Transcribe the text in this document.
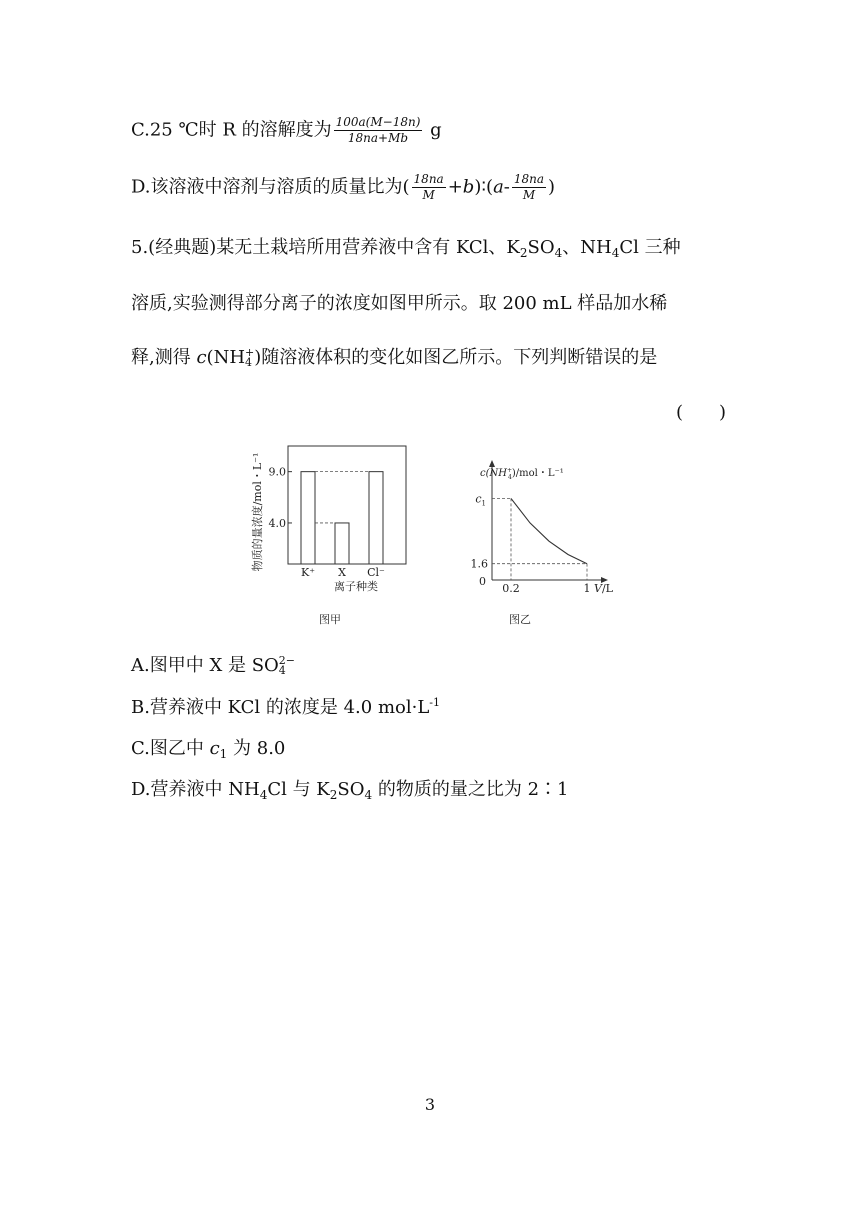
C.25 ℃时 R 的溶解度为 $\frac{100a(M-18n)}{18na+Mb}$ g
D.该溶液中溶剂与溶质的质量比为( $\frac{18na}{M}$ +b)∶(a- $\frac{18na}{M}$ )
5.(经典题)某无土栽培所用营养液中含有 KCl、$K_2SO_4$、$NH_4Cl$ 三种
溶质,实验测得部分离子的浓度如图甲所示。取 200 mL 样品加水稀
释,测得 c(NH +
4 )随溶液体积的变化如图乙所示。下列判断错误的是
(　　)
K⁺ X Cl⁻
9.0
4.0
物质的量浓度/mol・L⁻¹
离子种类
图甲
$c_1$
1.6
0
0.2	1
c(NH+ 4)/mol・L⁻¹
V/L
图乙
A.图甲中 X 是 SO 2−
4
B.营养液中 KCl 的浓度是 4.0 $mol\cdot L^{-1}$
C.图乙中 $c_1$ 为 8.0
D.营养液中 $NH_4Cl$ 与 $K_2SO_4$ 的物质的量之比为 2∶1
3
